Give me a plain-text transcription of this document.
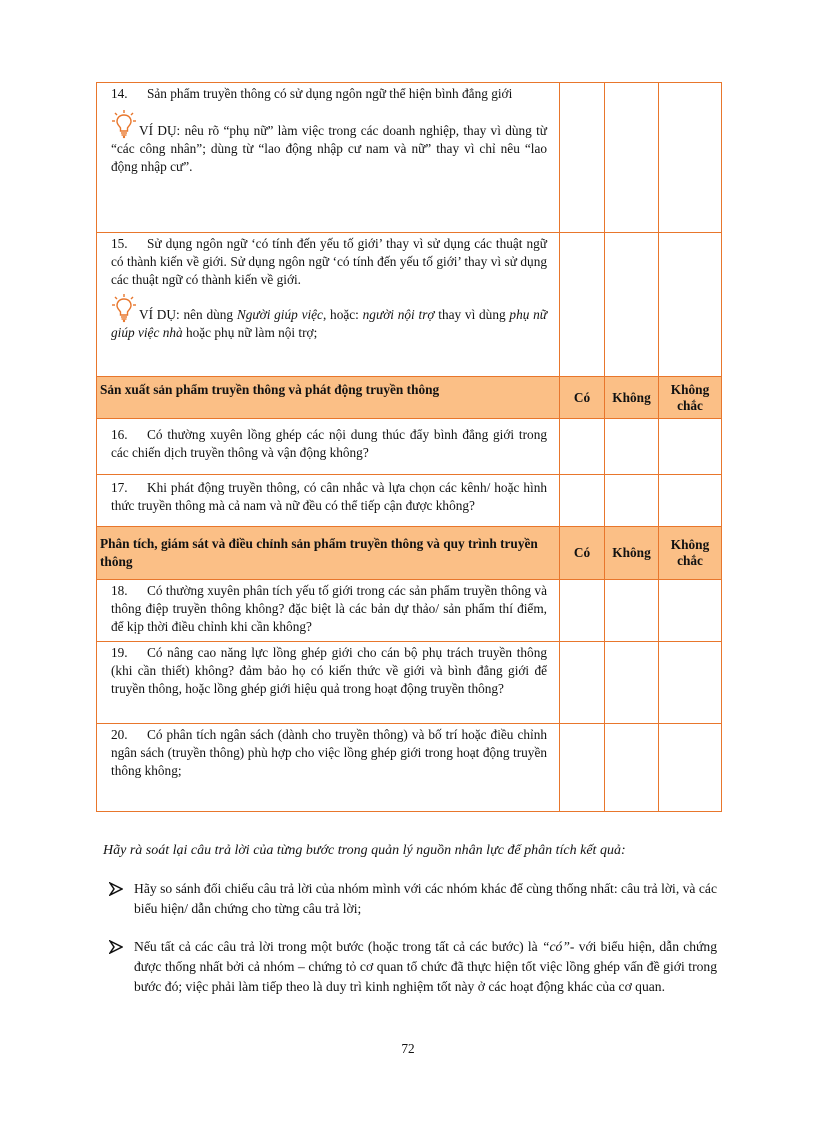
14. Sản phẩm truyền thông có sử dụng ngôn ngữ thể hiện bình đẳng giới
VÍ DỤ: nêu rõ “phụ nữ” làm việc trong các doanh nghiệp, thay vì dùng từ “các công nhân”; dùng từ “lao động nhập cư nam và nữ” thay vì chỉ nêu “lao động nhập cư”.			

15. Sử dụng ngôn ngữ ‘có tính đến yếu tố giới’ thay vì sử dụng các thuật ngữ có thành kiến về giới. Sử dụng ngôn ngữ ‘có tính đến yếu tố giới’ thay vì sử dụng các thuật ngữ có thành kiến về giới.
VÍ DỤ: nên dùng Người giúp việc, hoặc: người nội trợ thay vì dùng phụ nữ giúp việc nhà hoặc phụ nữ làm nội trợ;			

Sản xuất sản phẩm truyền thông và phát động truyền thông	Có	Không	Không
chắc

16. Có thường xuyên lồng ghép các nội dung thúc đẩy bình đẳng giới trong các chiến dịch truyền thông và vận động không?			

17. Khi phát động truyền thông, có cân nhắc và lựa chọn các kênh/ hoặc hình thức truyền thông mà cả nam và nữ đều có thể tiếp cận được không?			

Phân tích, giám sát và điều chỉnh sản phẩm truyền thông và quy trình truyền thông	Có	Không	Không
chắc

18. Có thường xuyên phân tích yếu tố giới trong các sản phẩm truyền thông và thông điệp truyền thông không? đặc biệt là các bản dự thảo/ sản phẩm thí điểm, để kịp thời điều chỉnh khi cần không?			

19. Có nâng cao năng lực lồng ghép giới cho cán bộ phụ trách truyền thông (khi cần thiết) không? đảm bảo họ có kiến thức về giới và bình đẳng giới để truyền thông, hoặc lồng ghép giới hiệu quả trong hoạt động truyền thông?			

20. Có phân tích ngân sách (dành cho truyền thông) và bố trí hoặc điều chỉnh ngân sách (truyền thông) phù hợp cho việc lồng ghép giới trong hoạt động truyền thông không;			

Hãy rà soát lại câu trả lời của từng bước trong quản lý nguồn nhân lực để phân tích kết quả:
Hãy so sánh đối chiếu câu trả lời của nhóm mình với các nhóm khác để cùng thống nhất: câu trả lời, và các biểu hiện/ dẫn chứng cho từng câu trả lời;
Nếu tất cả các câu trả lời trong một bước (hoặc trong tất cả các bước) là “có”- với biểu hiện, dẫn chứng được thống nhất bởi cả nhóm – chứng tỏ cơ quan tổ chức đã thực hiện tốt việc lồng ghép vấn đề giới trong bước đó; việc phải làm tiếp theo là duy trì kinh nghiệm tốt này ở các hoạt động khác của cơ quan.
72
